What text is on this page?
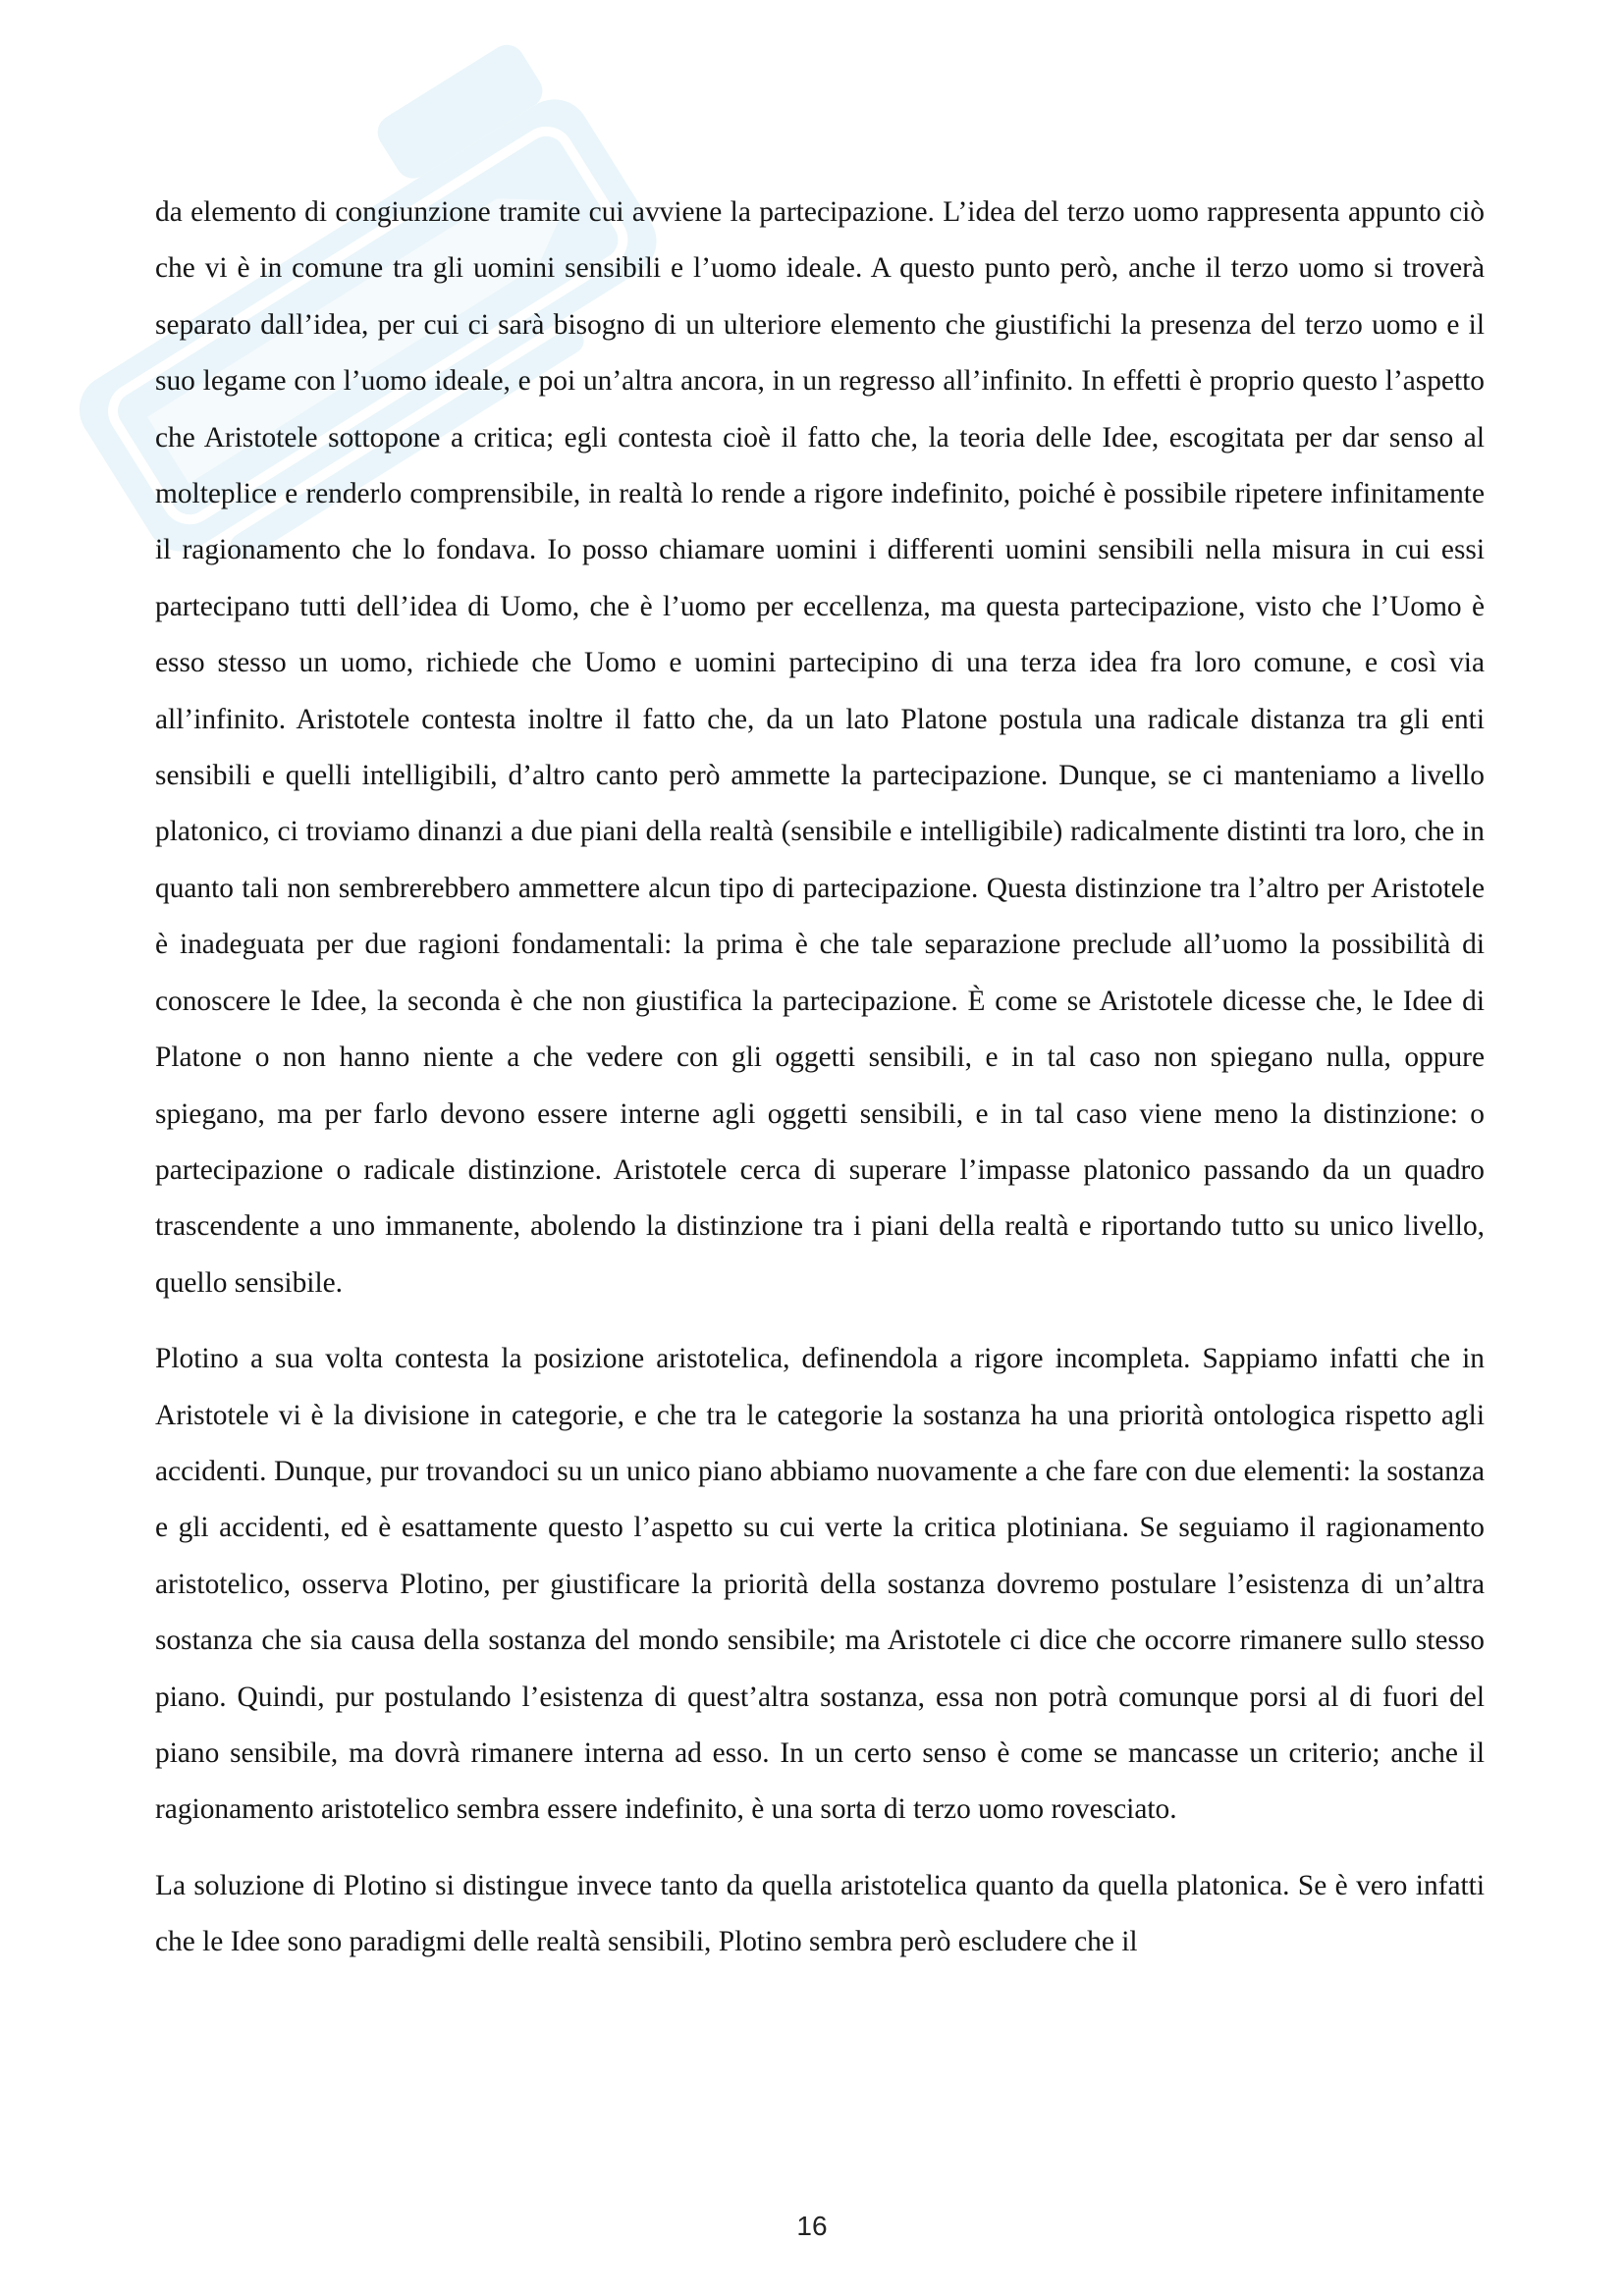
da elemento di congiunzione tramite cui avviene la partecipazione. L’idea del terzo uomo rappresenta appunto ciò che vi è in comune tra gli uomini sensibili e l’uomo ideale. A questo punto però, anche il terzo uomo si troverà separato dall’idea, per cui ci sarà bisogno di un ulteriore elemento che giustifichi la presenza del terzo uomo e il suo legame con l’uomo ideale, e poi un’altra ancora, in un regresso all’infinito. In effetti è proprio questo l’aspetto che Aristotele sottopone a critica; egli contesta cioè il fatto che, la teoria delle Idee, escogitata per dar senso al molteplice e renderlo comprensibile, in realtà lo rende a rigore indefinito, poiché è possibile ripetere infinitamente il ragionamento che lo fondava. Io posso chiamare uomini i differenti uomini sensibili nella misura in cui essi partecipano tutti dell’idea di Uomo, che è l’uomo per eccellenza, ma questa partecipazione, visto che l’Uomo è esso stesso un uomo, richiede che Uomo e uomini partecipino di una terza idea fra loro comune, e così via all’infinito. Aristotele contesta inoltre il fatto che, da un lato Platone postula una radicale distanza tra gli enti sensibili e quelli intelligibili, d’altro canto però ammette la partecipazione. Dunque, se ci manteniamo a livello platonico, ci troviamo dinanzi a due piani della realtà (sensibile e intelligibile) radicalmente distinti tra loro, che in quanto tali non sembrerebbero ammettere alcun tipo di partecipazione. Questa distinzione tra l’altro per Aristotele è inadeguata per due ragioni fondamentali: la prima è che tale separazione preclude all’uomo la possibilità di conoscere le Idee, la seconda è che non giustifica la partecipazione. È come se Aristotele dicesse che, le Idee di Platone o non hanno niente a che vedere con gli oggetti sensibili, e in tal caso non spiegano nulla, oppure spiegano, ma per farlo devono essere interne agli oggetti sensibili, e in tal caso viene meno la distinzione: o partecipazione o radicale distinzione. Aristotele cerca di superare l’impasse platonico passando da un quadro trascendente a uno immanente, abolendo la distinzione tra i piani della realtà e riportando tutto su unico livello, quello sensibile.

Plotino a sua volta contesta la posizione aristotelica, definendola a rigore incompleta. Sappiamo infatti che in Aristotele vi è la divisione in categorie, e che tra le categorie la sostanza ha una priorità ontologica rispetto agli accidenti. Dunque, pur trovandoci su un unico piano abbiamo nuovamente a che fare con due elementi: la sostanza e gli accidenti, ed è esattamente questo l’aspetto su cui verte la critica plotiniana. Se seguiamo il ragionamento aristotelico, osserva Plotino, per giustificare la priorità della sostanza dovremo postulare l’esistenza di un’altra sostanza che sia causa della sostanza del mondo sensibile; ma Aristotele ci dice che occorre rimanere sullo stesso piano. Quindi, pur postulando l’esistenza di quest’altra sostanza, essa non potrà comunque porsi al di fuori del piano sensibile, ma dovrà rimanere interna ad esso. In un certo senso è come se mancasse un criterio; anche il ragionamento aristotelico sembra essere indefinito, è una sorta di terzo uomo rovesciato.

La soluzione di Plotino si distingue invece tanto da quella aristotelica quanto da quella platonica. Se è vero infatti che le Idee sono paradigmi delle realtà sensibili, Plotino sembra però escludere che il

16
